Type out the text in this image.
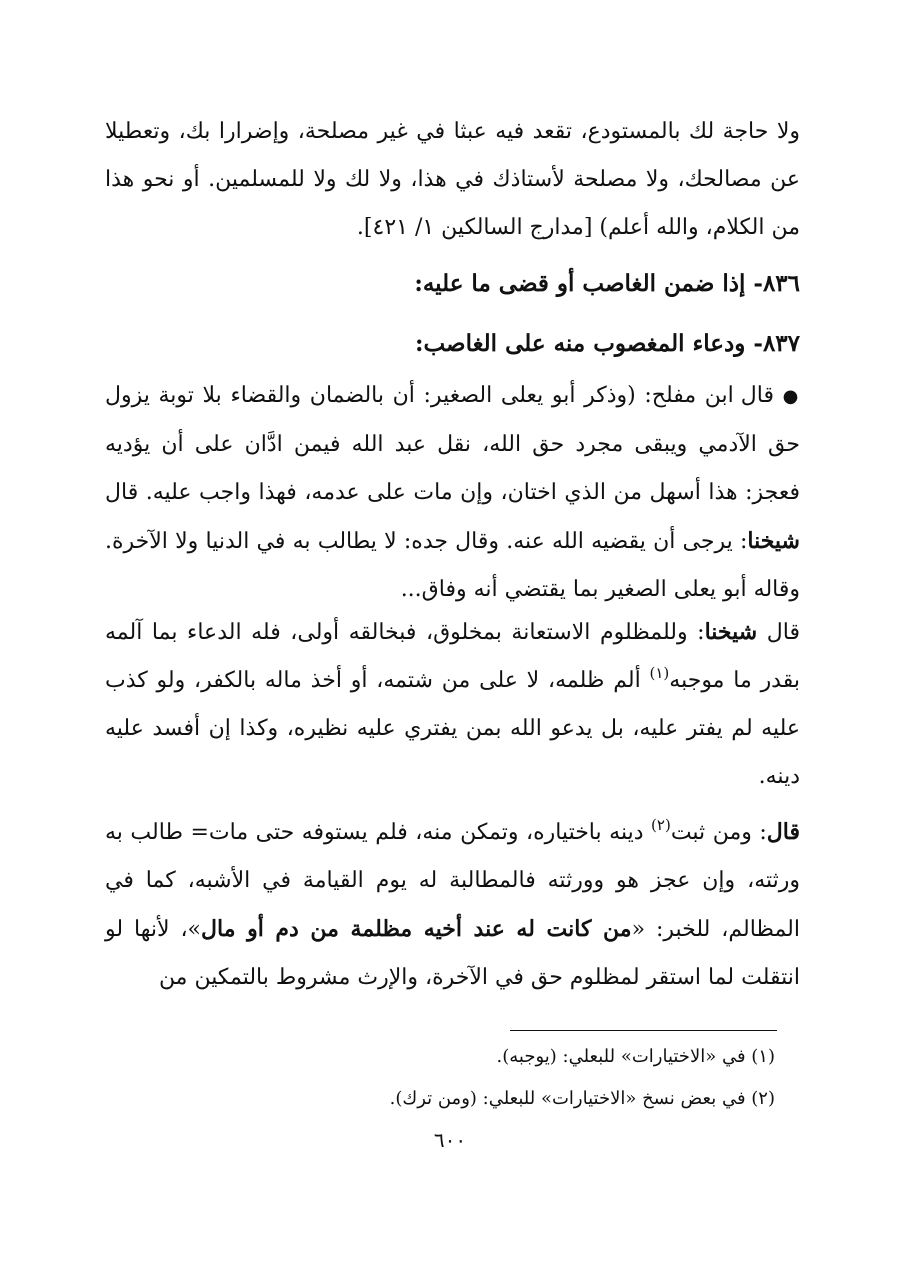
ولا حاجة لك بالمستودع، تقعد فيه عبثا في غير مصلحة، وإضرارا بك، وتعطيلا عن مصالحك، ولا مصلحة لأستاذك في هذا، ولا لك ولا للمسلمين. أو نحو هذا من الكلام، والله أعلم) [مدارج السالكين ١/ ٤٢١].

٨٣٦- إذا ضمن الغاصب أو قضى ما عليه:

٨٣٧- ودعاء المغصوب منه على الغاصب:

● قال ابن مفلح: (وذكر أبو يعلى الصغير: أن بالضمان والقضاء بلا توبة يزول حق الآدمي ويبقى مجرد حق الله، نقل عبد الله فيمن ادَّان على أن يؤديه فعجز: هذا أسهل من الذي اختان، وإن مات على عدمه، فهذا واجب عليه. قال شيخنا: يرجى أن يقضيه الله عنه. وقال جده: لا يطالب به في الدنيا ولا الآخرة. وقاله أبو يعلى الصغير بما يقتضي أنه وفاق...

قال شيخنا: وللمظلوم الاستعانة بمخلوق، فبخالقه أولى، فله الدعاء بما آلمه بقدر ما موجبه$^{(١)}$ ألم ظلمه، لا على من شتمه، أو أخذ ماله بالكفر، ولو كذب عليه لم يفتر عليه، بل يدعو الله بمن يفتري عليه نظيره، وكذا إن أفسد عليه دينه.

قال: ومن ثبت$^{(٢)}$ دينه باختياره، وتمكن منه، فلم يستوفه حتى مات= طالب به ورثته، وإن عجز هو وورثته فالمطالبة له يوم القيامة في الأشبه، كما في المظالم، للخبر: «من كانت له عند أخيه مظلمة من دم أو مال»، لأنها لو انتقلت لما استقر لمظلوم حق في الآخرة، والإرث مشروط بالتمكين من

(١) في «الاختيارات» للبعلي: (يوجبه).
(٢) في بعض نسخ «الاختيارات» للبعلي: (ومن ترك).
٦٠٠
